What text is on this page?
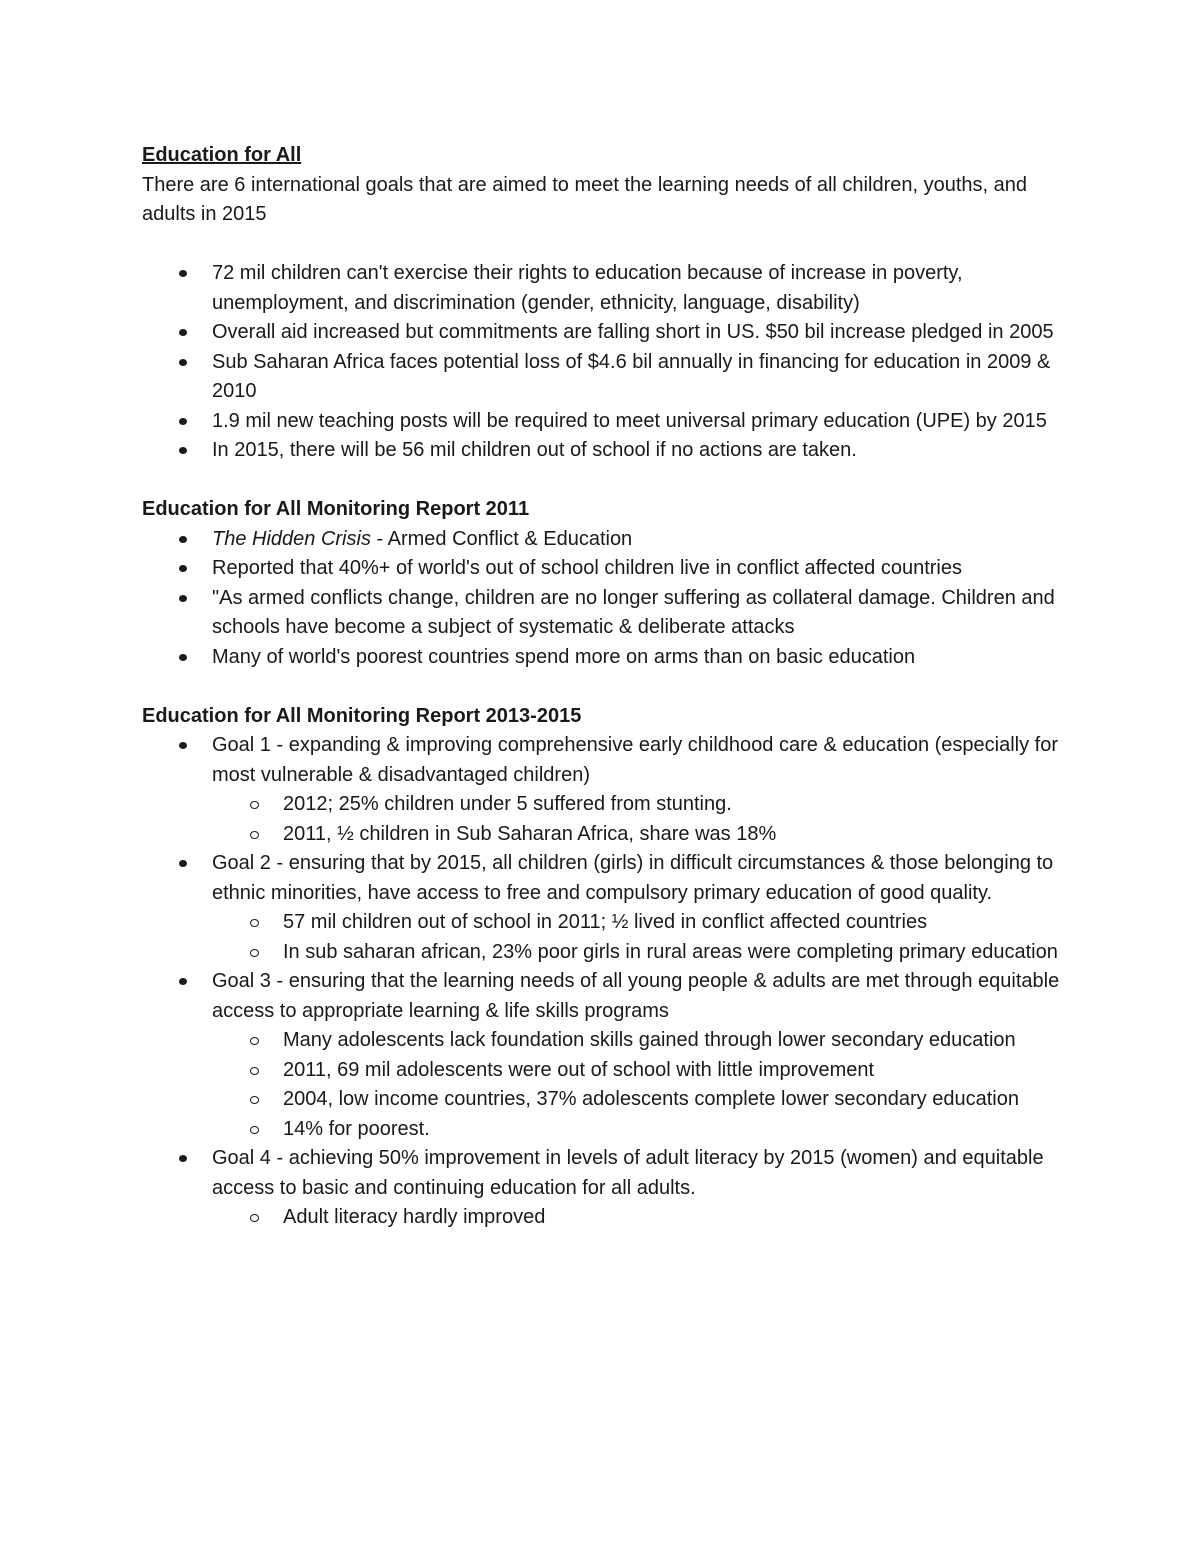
Education for All

There are 6 international goals that are aimed to meet the learning needs of all children, youths, and adults in 2015

72 mil children can't exercise their rights to education because of increase in poverty, unemployment, and discrimination (gender, ethnicity, language, disability)
Overall aid increased but commitments are falling short in US. $50 bil increase pledged in 2005
Sub Saharan Africa faces potential loss of $4.6 bil annually in financing for education in 2009 & 2010
1.9 mil new teaching posts will be required to meet universal primary education (UPE) by 2015
In 2015, there will be 56 mil children out of school if no actions are taken.

Education for All Monitoring Report 2011

The Hidden Crisis - Armed Conflict & Education
Reported that 40%+ of world's out of school children live in conflict affected countries
"As armed conflicts change, children are no longer suffering as collateral damage. Children and schools have become a subject of systematic & deliberate attacks
Many of world's poorest countries spend more on arms than on basic education

Education for All Monitoring Report 2013-2015

Goal 1 - expanding & improving comprehensive early childhood care & education (especially for most vulnerable & disadvantaged children)
2012; 25% children under 5 suffered from stunting.
2011, ½ children in Sub Saharan Africa, share was 18%
Goal 2 - ensuring that by 2015, all children (girls) in difficult circumstances & those belonging to ethnic minorities, have access to free and compulsory primary education of good quality.
57 mil children out of school in 2011; ½ lived in conflict affected countries
In sub saharan african, 23% poor girls in rural areas were completing primary education
Goal 3 - ensuring that the learning needs of all young people & adults are met through equitable access to appropriate learning & life skills programs
Many adolescents lack foundation skills gained through lower secondary education
2011, 69 mil adolescents were out of school with little improvement
2004, low income countries, 37% adolescents complete lower secondary education
14% for poorest.
Goal 4 - achieving 50% improvement in levels of adult literacy by 2015 (women) and equitable access to basic and continuing education for all adults.
Adult literacy hardly improved
